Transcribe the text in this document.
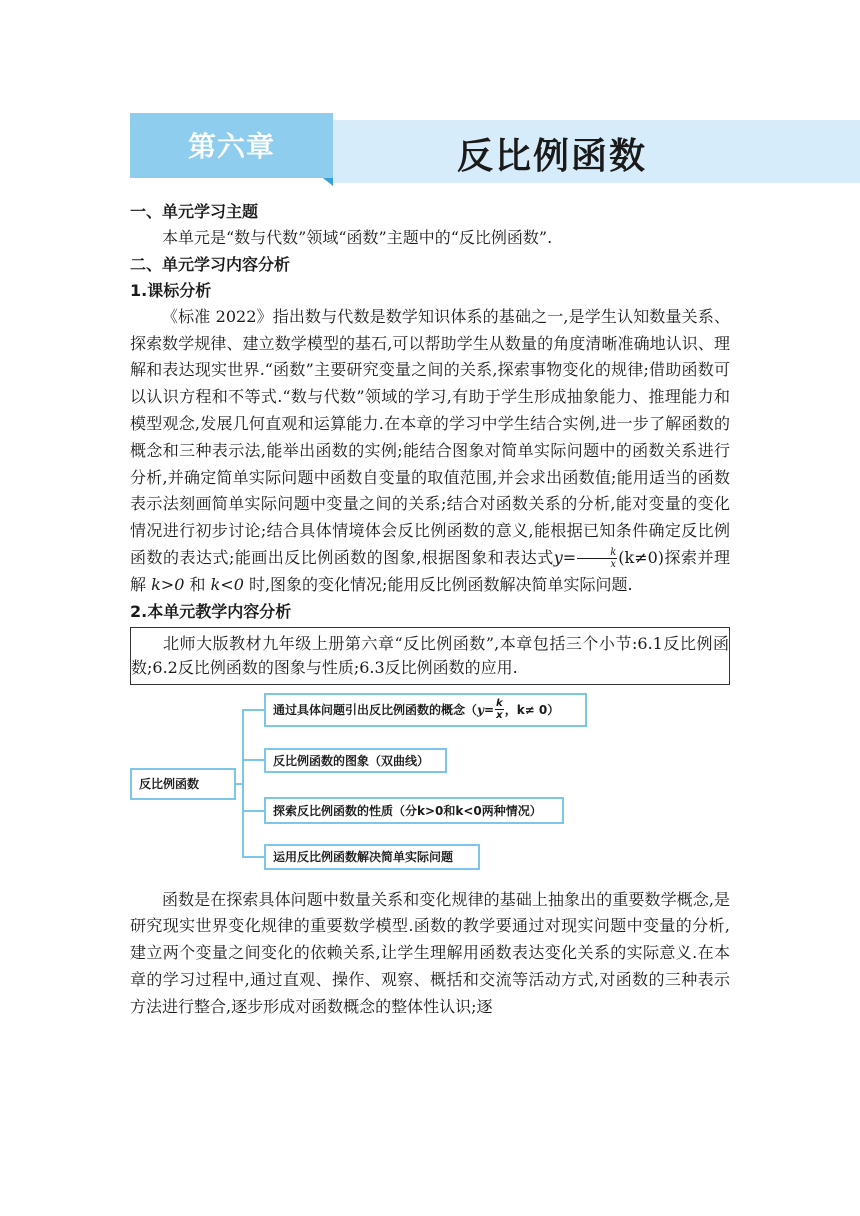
第六章	反比例函数

一、单元学习主题

本单元是“数与代数”领域“函数”主题中的“反比例函数”.

二、单元学习内容分析

1.课标分析

《标准 2022》指出数与代数是数学知识体系的基础之一,是学生认知数量关系、探索数学规律、建立数学模型的基石,可以帮助学生从数量的角度清晰准确地认识、理解和表达现实世界.“函数”主要研究变量之间的关系,探索事物变化的规律;借助函数可以认识方程和不等式.“数与代数”领域的学习,有助于学生形成抽象能力、推理能力和模型观念,发展几何直观和运算能力.在本章的学习中学生结合实例,进一步了解函数的概念和三种表示法,能举出函数的实例;能结合图象对简单实际问题中的函数关系进行分析,并确定简单实际问题中函数自变量的取值范围,并会求出函数值;能用适当的函数表示法刻画简单实际问题中变量之间的关系;结合对函数关系的分析,能对变量的变化情况进行初步讨论;结合具体情境体会反比例函数的意义,能根据已知条件确定反比例函数的表达式;能画出反比例函数的图象,根据图象和表达式$y= \frac{k}{x} (k\ne 0)$探索并理解 k>0 和 k<0 时,图象的变化情况;能用反比例函数解决简单实际问题.

2.本单元教学内容分析

北师大版教材九年级上册第六章“反比例函数”,本章包括三个小节:6.1反比例函数;6.2反比例函数的图象与性质;6.3反比例函数的应用.

反比例函数
通过具体问题引出反比例函数的概念（ $y= \frac{k}{x}$ ，k≠ 0）
反比例函数的图象（双曲线）
探索反比例函数的性质（分k>0和k<0两种情况）
运用反比例函数解决简单实际问题

函数是在探索具体问题中数量关系和变化规律的基础上抽象出的重要数学概念,是研究现实世界变化规律的重要数学模型.函数的教学要通过对现实问题中变量的分析,建立两个变量之间变化的依赖关系,让学生理解用函数表达变化关系的实际意义.在本章的学习过程中,通过直观、操作、观察、概括和交流等活动方式,对函数的三种表示方法进行整合,逐步形成对函数概念的整体性认识;逐
